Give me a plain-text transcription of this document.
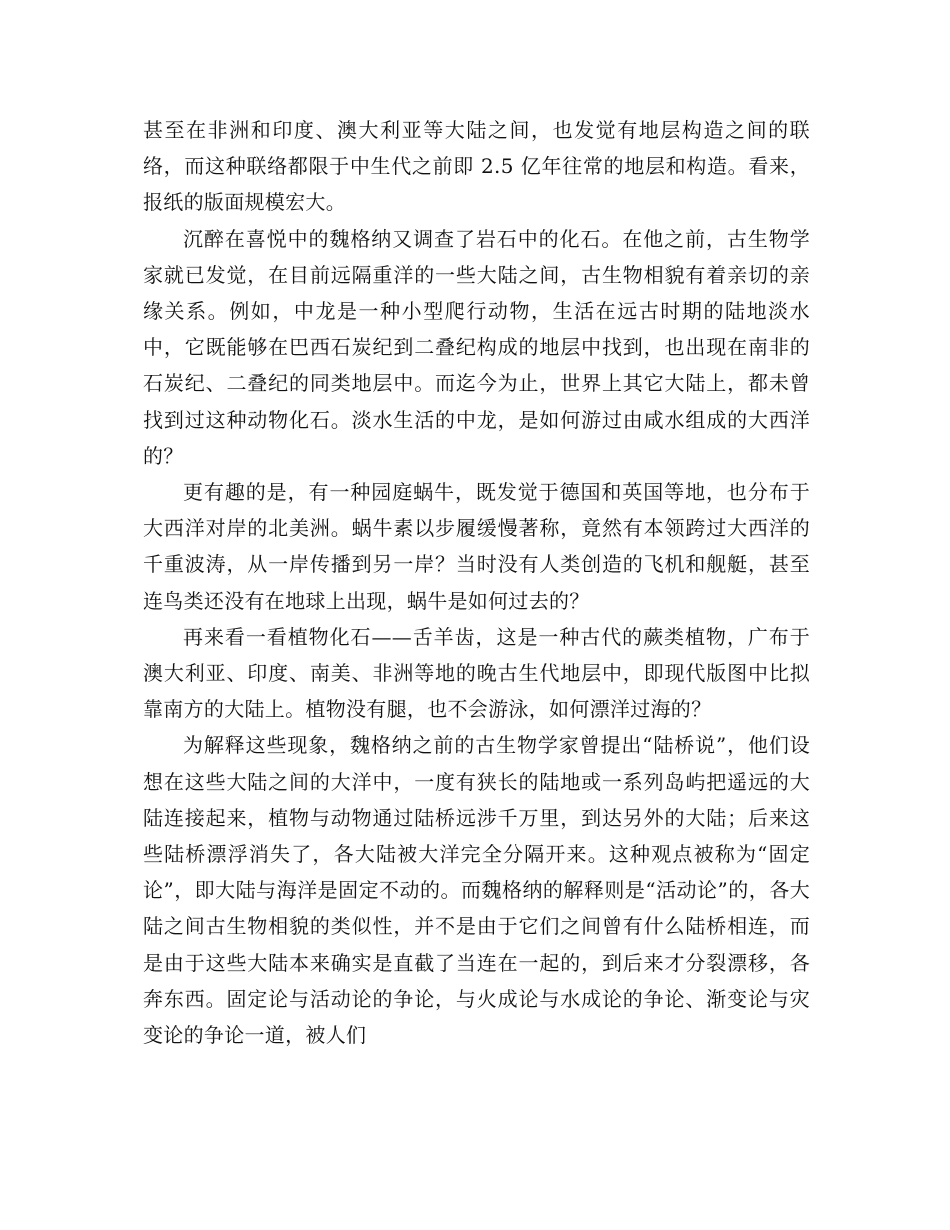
甚至在非洲和印度、澳大利亚等大陆之间，也发觉有地层构造之间的联络，而这种联络都限于中生代之前即 2.5 亿年往常的地层和构造。看来，报纸的版面规模宏大。

沉醉在喜悦中的魏格纳又调查了岩石中的化石。在他之前，古生物学家就已发觉，在目前远隔重洋的一些大陆之间，古生物相貌有着亲切的亲缘关系。例如，中龙是一种小型爬行动物，生活在远古时期的陆地淡水中，它既能够在巴西石炭纪到二叠纪构成的地层中找到，也出现在南非的石炭纪、二叠纪的同类地层中。而迄今为止，世界上其它大陆上，都未曾找到过这种动物化石。淡水生活的中龙，是如何游过由咸水组成的大西洋的？

更有趣的是，有一种园庭蜗牛，既发觉于德国和英国等地，也分布于大西洋对岸的北美洲。蜗牛素以步履缓慢著称，竟然有本领跨过大西洋的千重波涛，从一岸传播到另一岸？当时没有人类创造的飞机和舰艇，甚至连鸟类还没有在地球上出现，蜗牛是如何过去的？

再来看一看植物化石——舌羊齿，这是一种古代的蕨类植物，广布于澳大利亚、印度、南美、非洲等地的晚古生代地层中，即现代版图中比拟靠南方的大陆上。植物没有腿，也不会游泳，如何漂洋过海的？

为解释这些现象，魏格纳之前的古生物学家曾提出“陆桥说”，他们设想在这些大陆之间的大洋中，一度有狭长的陆地或一系列岛屿把遥远的大陆连接起来，植物与动物通过陆桥远涉千万里，到达另外的大陆；后来这些陆桥漂浮消失了，各大陆被大洋完全分隔开来。这种观点被称为“固定论”，即大陆与海洋是固定不动的。而魏格纳的解释则是“活动论”的，各大陆之间古生物相貌的类似性，并不是由于它们之间曾有什么陆桥相连，而是由于这些大陆本来确实是直截了当连在一起的，到后来才分裂漂移，各奔东西。固定论与活动论的争论，与火成论与水成论的争论、渐变论与灾变论的争论一道，被人们
